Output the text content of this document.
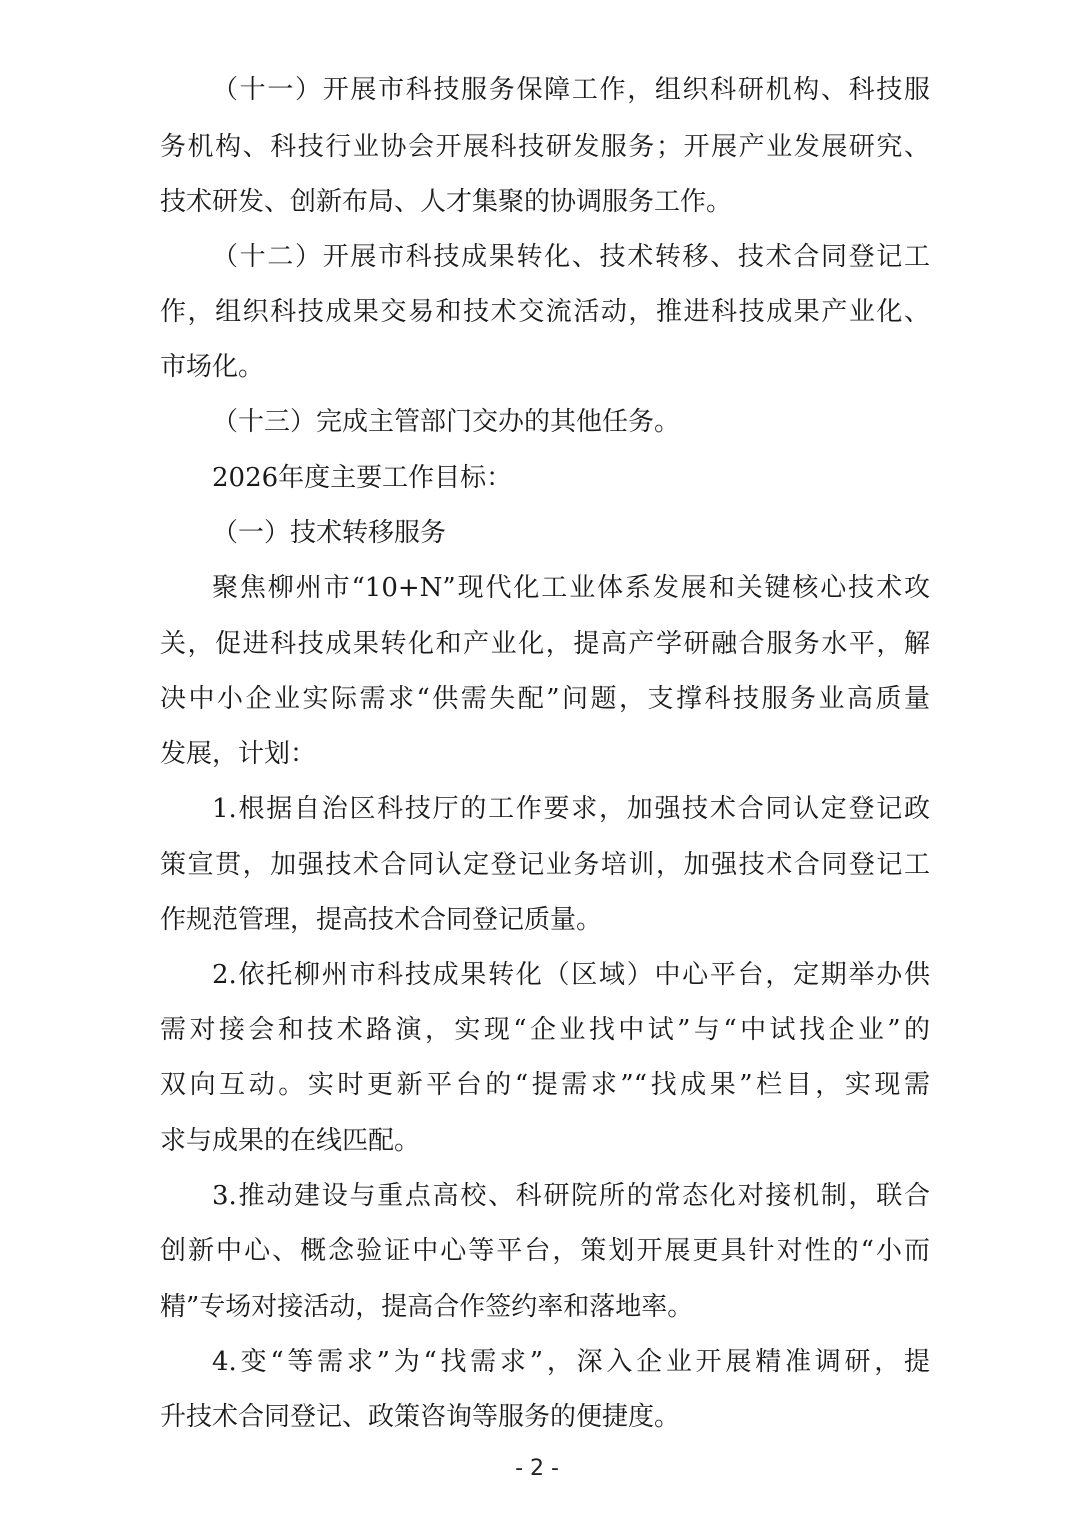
（十一）开展市科技服务保障工作，组织科研机构、科技服
务机构、科技行业协会开展科技研发服务；开展产业发展研究、
技术研发、创新布局、人才集聚的协调服务工作。
（十二）开展市科技成果转化、技术转移、技术合同登记工
作，组织科技成果交易和技术交流活动，推进科技成果产业化、
市场化。
（十三）完成主管部门交办的其他任务。
2026年度主要工作目标：
（一）技术转移服务
聚焦柳州市“10+N”现代化工业体系发展和关键核心技术攻
关，促进科技成果转化和产业化，提高产学研融合服务水平，解
决中小企业实际需求“供需失配”问题，支撑科技服务业高质量
发展，计划：
1.根据自治区科技厅的工作要求，加强技术合同认定登记政
策宣贯，加强技术合同认定登记业务培训，加强技术合同登记工
作规范管理，提高技术合同登记质量。
2.依托柳州市科技成果转化（区域）中心平台，定期举办供
需对接会和技术路演，实现“企业找中试”与“中试找企业”的
双向互动。实时更新平台的“提需求”“找成果”栏目，实现需
求与成果的在线匹配。
3.推动建设与重点高校、科研院所的常态化对接机制，联合
创新中心、概念验证中心等平台，策划开展更具针对性的“小而
精”专场对接活动，提高合作签约率和落地率。
4.变“等需求”为“找需求”，深入企业开展精准调研，提
升技术合同登记、政策咨询等服务的便捷度。
- 2 -
